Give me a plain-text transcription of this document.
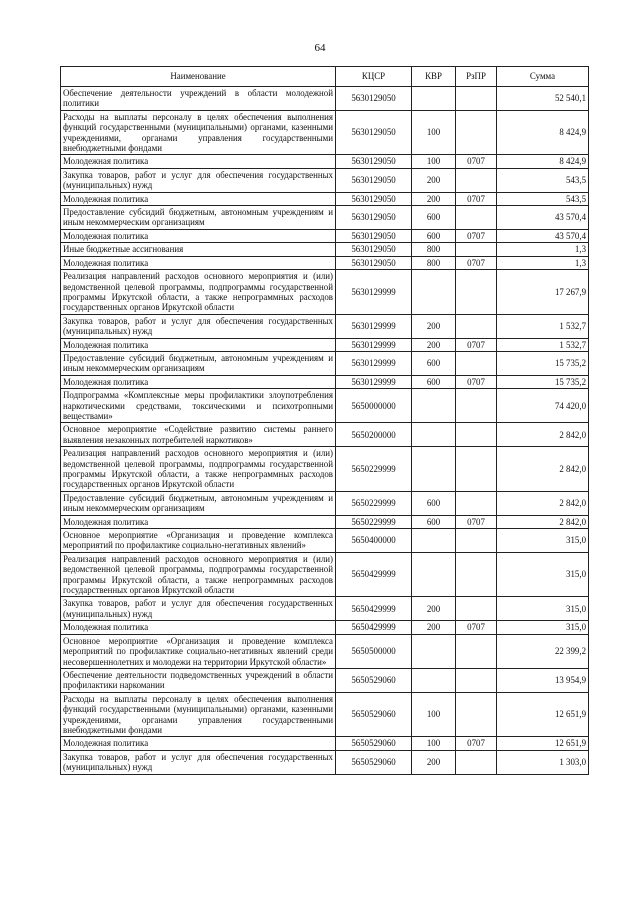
64
Наименование	КЦСР	КВР	РзПР	Сумма
Обеспечение деятельности учреждений в области молодежной политики	5630129050			52 540,1
Расходы на выплаты персоналу в целях обеспечения выполнения функций государственными (муниципальными) органами, казенными учреждениями, органами управления государственными внебюджетными фондами	5630129050	100		8 424,9
Молодежная политика	5630129050	100	0707	8 424,9
Закупка товаров, работ и услуг для обеспечения государственных (муниципальных) нужд	5630129050	200		543,5
Молодежная политика	5630129050	200	0707	543,5
Предоставление субсидий бюджетным, автономным учреждениям и иным некоммерческим организациям	5630129050	600		43 570,4
Молодежная политика	5630129050	600	0707	43 570,4
Иные бюджетные ассигнования	5630129050	800		1,3
Молодежная политика	5630129050	800	0707	1,3
Реализация направлений расходов основного мероприятия и (или) ведомственной целевой программы, подпрограммы государственной программы Иркутской области, а также непрограммных расходов государственных органов Иркутской области	5630129999			17 267,9
Закупка товаров, работ и услуг для обеспечения государственных (муниципальных) нужд	5630129999	200		1 532,7
Молодежная политика	5630129999	200	0707	1 532,7
Предоставление субсидий бюджетным, автономным учреждениям и иным некоммерческим организациям	5630129999	600		15 735,2
Молодежная политика	5630129999	600	0707	15 735,2
Подпрограмма «Комплексные меры профилактики злоупотребления наркотическими средствами, токсическими и психотропными веществами»	5650000000			74 420,0
Основное мероприятие «Содействие развитию системы раннего выявления незаконных потребителей наркотиков»	5650200000			2 842,0
Реализация направлений расходов основного мероприятия и (или) ведомственной целевой программы, подпрограммы государственной программы Иркутской области, а также непрограммных расходов государственных органов Иркутской области	5650229999			2 842,0
Предоставление субсидий бюджетным, автономным учреждениям и иным некоммерческим организациям	5650229999	600		2 842,0
Молодежная политика	5650229999	600	0707	2 842,0
Основное мероприятие «Организация и проведение комплекса мероприятий по профилактике социально-негативных явлений»	5650400000			315,0
Реализация направлений расходов основного мероприятия и (или) ведомственной целевой программы, подпрограммы государственной программы Иркутской области, а также непрограммных расходов государственных органов Иркутской области	5650429999			315,0
Закупка товаров, работ и услуг для обеспечения государственных (муниципальных) нужд	5650429999	200		315,0
Молодежная политика	5650429999	200	0707	315,0
Основное мероприятие «Организация и проведение комплекса мероприятий по профилактике социально-негативных явлений среди несовершеннолетних и молодежи на территории Иркутской области»	5650500000			22 399,2
Обеспечение деятельности подведомственных учреждений в области профилактики наркомании	5650529060			13 954,9
Расходы на выплаты персоналу в целях обеспечения выполнения функций государственными (муниципальными) органами, казенными учреждениями, органами управления государственными внебюджетными фондами	5650529060	100		12 651,9
Молодежная политика	5650529060	100	0707	12 651,9
Закупка товаров, работ и услуг для обеспечения государственных (муниципальных) нужд	5650529060	200		1 303,0
